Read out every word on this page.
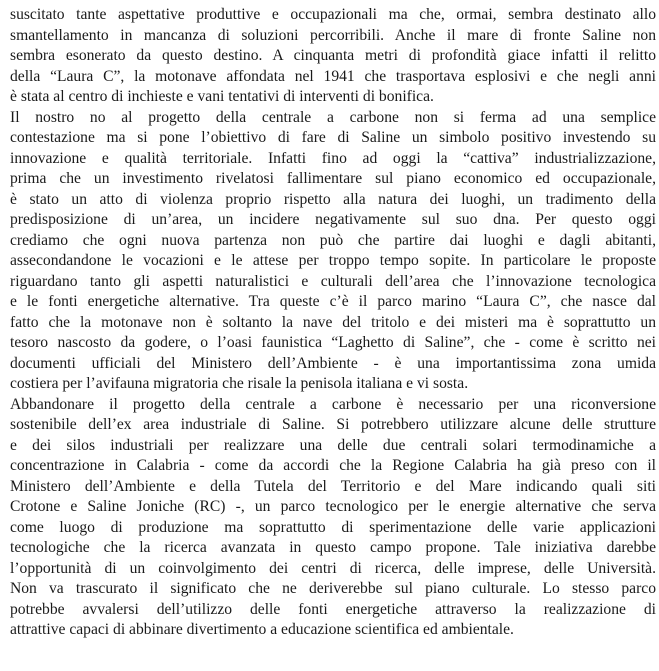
suscitato tante aspettative produttive e occupazionali ma che, ormai, sembra destinato allo
smantellamento in mancanza di soluzioni percorribili. Anche il mare di fronte Saline non
sembra esonerato da questo destino. A cinquanta metri di profondità giace infatti il relitto
della “Laura C”, la motonave affondata nel 1941 che trasportava esplosivi e che negli anni
è stata al centro di inchieste e vani tentativi di interventi di bonifica.
Il nostro no al progetto della centrale a carbone non si ferma ad una semplice
contestazione ma si pone l’obiettivo di fare di Saline un simbolo positivo investendo su
innovazione e qualità territoriale. Infatti fino ad oggi la “cattiva” industrializzazione,
prima che un investimento rivelatosi fallimentare sul piano economico ed occupazionale,
è stato un atto di violenza proprio rispetto alla natura dei luoghi, un tradimento della
predisposizione di un’area, un incidere negativamente sul suo dna. Per questo oggi
crediamo che ogni nuova partenza non può che partire dai luoghi e dagli abitanti,
assecondandone le vocazioni e le attese per troppo tempo sopite. In particolare le proposte
riguardano tanto gli aspetti naturalistici e culturali dell’area che l’innovazione tecnologica
e le fonti energetiche alternative. Tra queste c’è il parco marino “Laura C”, che nasce dal
fatto che la motonave non è soltanto la nave del tritolo e dei misteri ma è soprattutto un
tesoro nascosto da godere, o l’oasi faunistica “Laghetto di Saline”, che - come è scritto nei
documenti ufficiali del Ministero dell’Ambiente - è una importantissima zona umida
costiera per l’avifauna migratoria che risale la penisola italiana e vi sosta.
Abbandonare il progetto della centrale a carbone è necessario per una riconversione
sostenibile dell’ex area industriale di Saline. Si potrebbero utilizzare alcune delle strutture
e dei silos industriali per realizzare una delle due centrali solari termodinamiche a
concentrazione in Calabria - come da accordi che la Regione Calabria ha già preso con il
Ministero dell’Ambiente e della Tutela del Territorio e del Mare indicando quali siti
Crotone e Saline Joniche (RC) -, un parco tecnologico per le energie alternative che serva
come luogo di produzione ma soprattutto di sperimentazione delle varie applicazioni
tecnologiche che la ricerca avanzata in questo campo propone. Tale iniziativa darebbe
l’opportunità di un coinvolgimento dei centri di ricerca, delle imprese, delle Università.
Non va trascurato il significato che ne deriverebbe sul piano culturale. Lo stesso parco
potrebbe avvalersi dell’utilizzo delle fonti energetiche attraverso la realizzazione di
attrattive capaci di abbinare divertimento a educazione scientifica ed ambientale.
